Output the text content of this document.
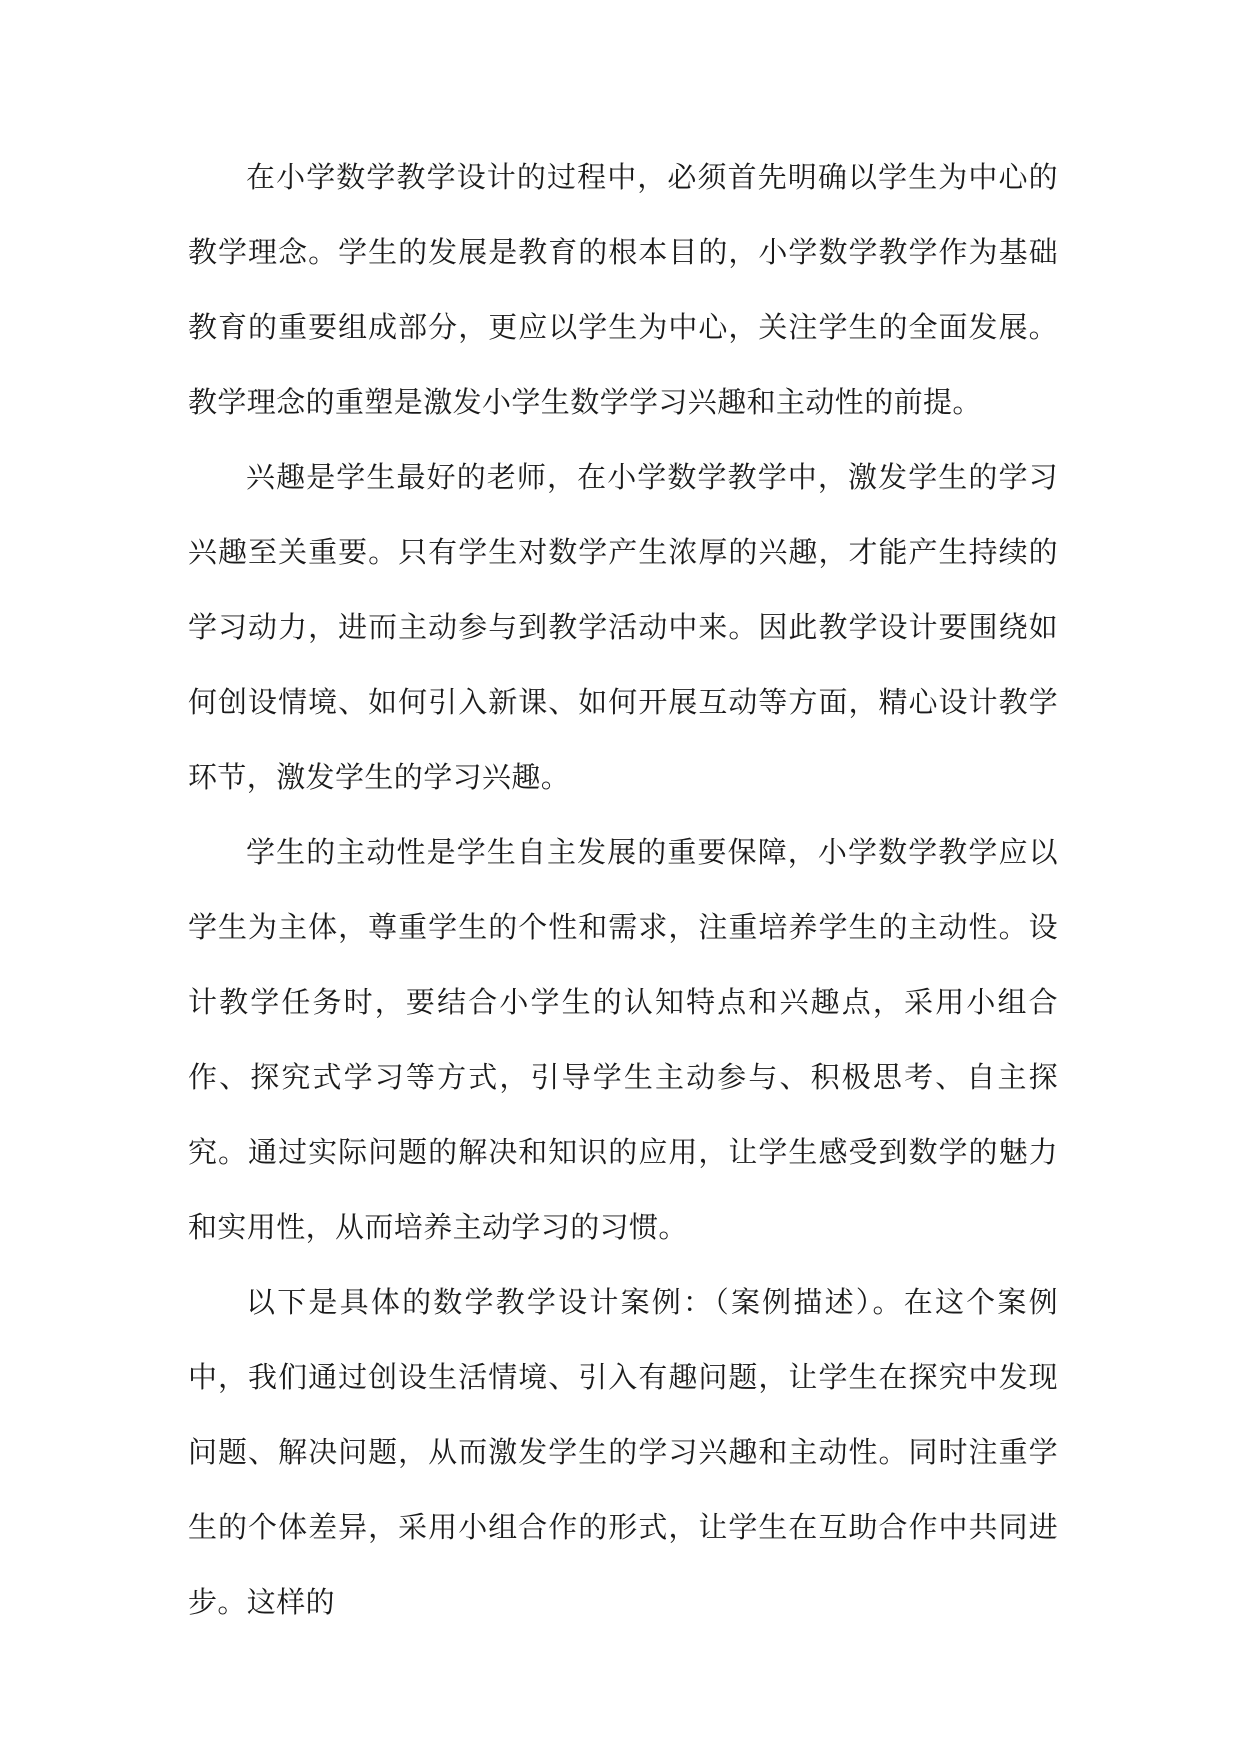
在小学数学教学设计的过程中，必须首先明确以学生为中心的教学理念。学生的发展是教育的根本目的，小学数学教学作为基础教育的重要组成部分，更应以学生为中心，关注学生的全面发展。教学理念的重塑是激发小学生数学学习兴趣和主动性的前提。

兴趣是学生最好的老师，在小学数学教学中，激发学生的学习兴趣至关重要。只有学生对数学产生浓厚的兴趣，才能产生持续的学习动力，进而主动参与到教学活动中来。因此教学设计要围绕如何创设情境、如何引入新课、如何开展互动等方面，精心设计教学环节，激发学生的学习兴趣。

学生的主动性是学生自主发展的重要保障，小学数学教学应以学生为主体，尊重学生的个性和需求，注重培养学生的主动性。设计教学任务时，要结合小学生的认知特点和兴趣点，采用小组合作、探究式学习等方式，引导学生主动参与、积极思考、自主探究。通过实际问题的解决和知识的应用，让学生感受到数学的魅力和实用性，从而培养主动学习的习惯。

以下是具体的数学教学设计案例：（案例描述）。在这个案例中，我们通过创设生活情境、引入有趣问题，让学生在探究中发现问题、解决问题，从而激发学生的学习兴趣和主动性。同时注重学生的个体差异，采用小组合作的形式，让学生在互助合作中共同进步。这样的
